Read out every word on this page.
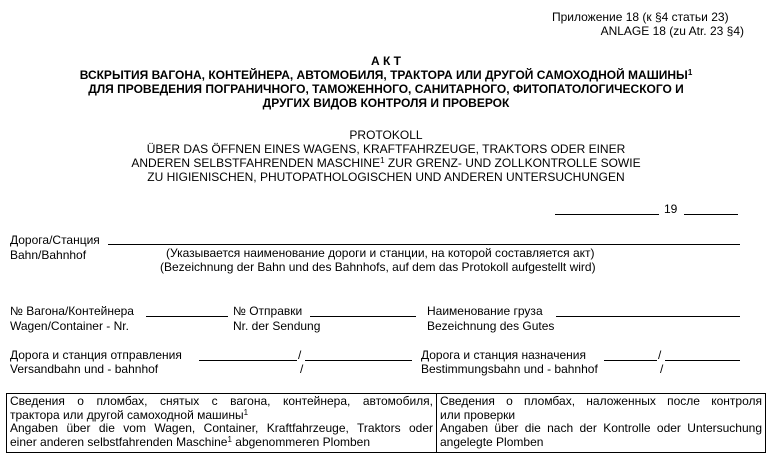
Приложение 18 (к §4 статьи 23)
ANLAGE 18 (zu Atr. 23 §4)
А К Т
ВСКРЫТИЯ ВАГОНА, КОНТЕЙНЕРА, АВТОМОБИЛЯ, ТРАКТОРА ИЛИ ДРУГОЙ САМОХОДНОЙ МАШИНЫ$^1$
ДЛЯ ПРОВЕДЕНИЯ ПОГРАНИЧНОГО, ТАМОЖЕННОГО, САНИТАРНОГО, ФИТОПАТОЛОГИЧЕСКОГО И
ДРУГИХ ВИДОВ КОНТРОЛЯ И ПРОВЕРОК
PROTOKOLL
ÜBER DAS ÖFFNEN EINES WAGENS, KRAFTFAHRZEUGE, TRAKTORS ODER EINER
ANDEREN SELBSTFAHRENDEN MASCHINE$^1$ ZUR GRENZ- UND ZOLLKONTROLLE SOWIE
ZU HIGIENISCHEN, PHUTOPATHOLOGISCHEN UND ANDEREN UNTERSUCHUNGEN
19
Дорога/Станция
Bahn/Bahnhof	(Указывается наименование дороги и станции, на которой составляется акт)
(Bezeichnung der Bahn und des Bahnhofs, auf dem das Protokoll aufgestellt wird)
№ Вагона/Контейнера
Wagen/Container - Nr.
№ Отправки
Nr. der Sendung
Наименование груза
Bezeichnung des Gutes
Дорога и станция отправления	/
Versandbahn und - bahnhof	/
Дорога и станция назначения	/
Bestimmungsbahn und - bahnhof	/
Сведения о пломбах, снятых с вагона, контейнера, автомобиля,
трактора или другой самоходной машины$^1$
Angaben über die vom Wagen, Container, Kraftfahrzeuge, Traktors oder
einer anderen selbstfahrenden Maschine$^1$ abgenommeren Plomben
Сведения о пломбах, наложенных после контроля
или проверки
Angaben über die nach der Kontrolle oder Untersuchung
angelegte Plomben
